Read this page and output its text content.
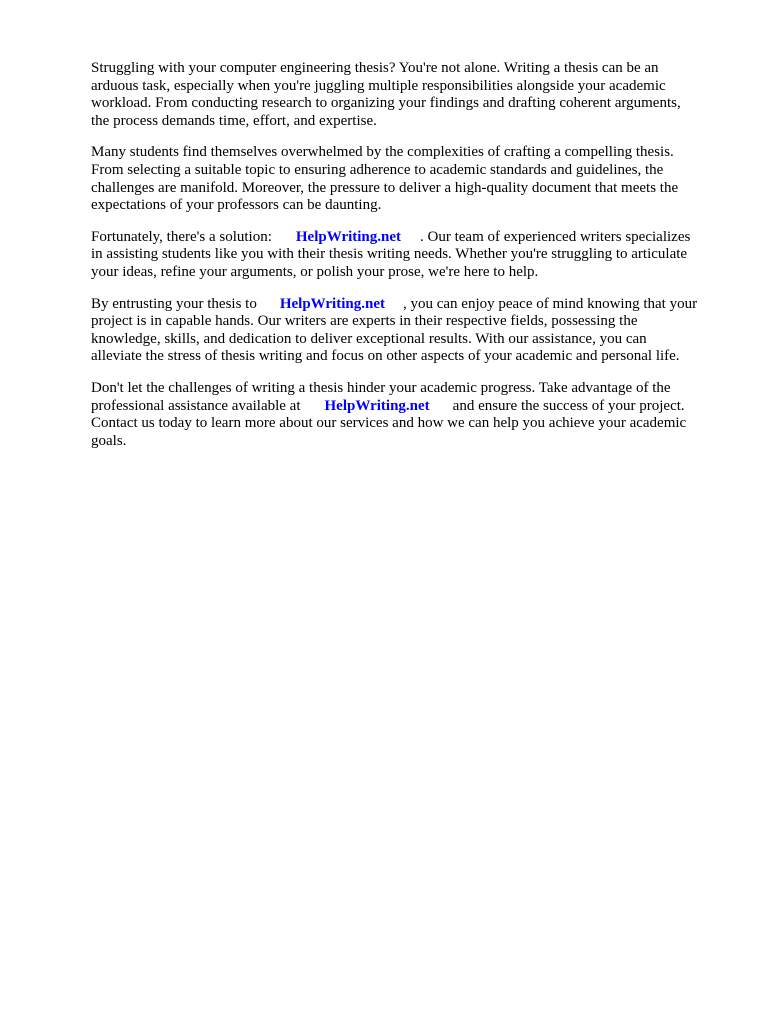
Struggling with your computer engineering thesis? You're not alone. Writing a thesis can be an
arduous task, especially when you're juggling multiple responsibilities alongside your academic
workload. From conducting research to organizing your findings and drafting coherent arguments,
the process demands time, effort, and expertise.

Many students find themselves overwhelmed by the complexities of crafting a compelling thesis.
From selecting a suitable topic to ensuring adherence to academic standards and guidelines, the
challenges are manifold. Moreover, the pressure to deliver a high-quality document that meets the
expectations of your professors can be daunting.

Fortunately, there's a solution: HelpWriting.net . Our team of experienced writers specializes
in assisting students like you with their thesis writing needs. Whether you're struggling to articulate
your ideas, refine your arguments, or polish your prose, we're here to help.

By entrusting your thesis to HelpWriting.net , you can enjoy peace of mind knowing that your
project is in capable hands. Our writers are experts in their respective fields, possessing the
knowledge, skills, and dedication to deliver exceptional results. With our assistance, you can
alleviate the stress of thesis writing and focus on other aspects of your academic and personal life.

Don't let the challenges of writing a thesis hinder your academic progress. Take advantage of the
professional assistance available at HelpWriting.net and ensure the success of your project.
Contact us today to learn more about our services and how we can help you achieve your academic
goals.
